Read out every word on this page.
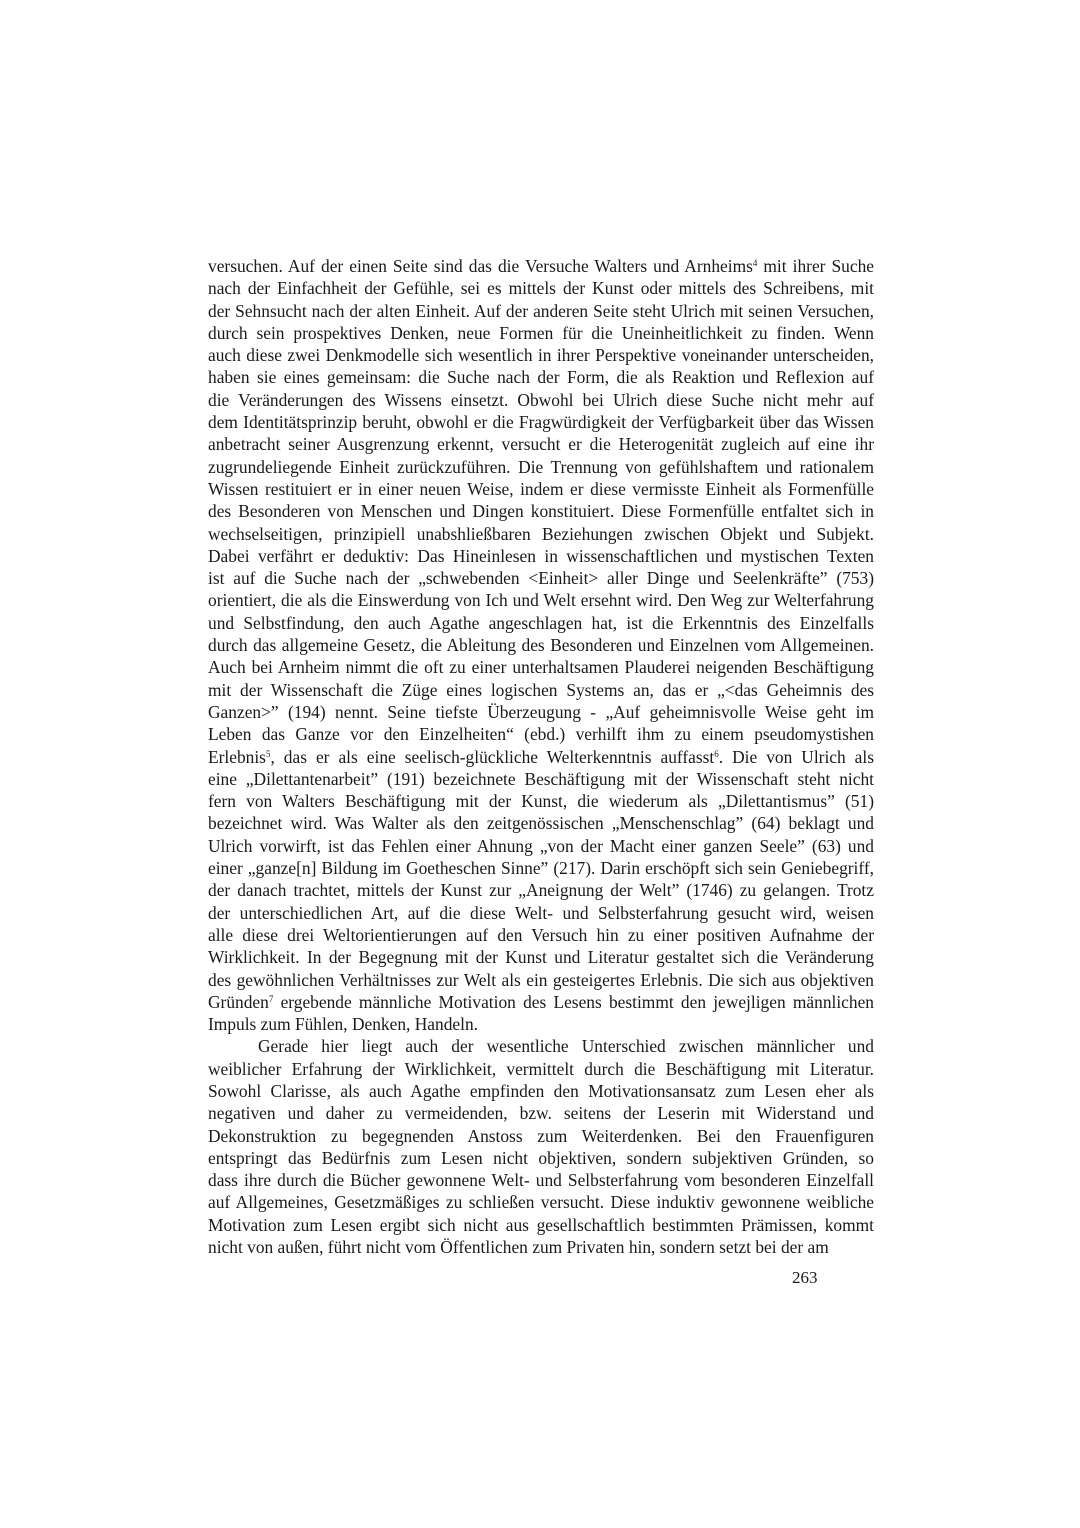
versuchen. Auf der einen Seite sind das die Versuche Walters und Arnheims$^4$ mit ihrer Suche
nach der Einfachheit der Gefühle, sei es mittels der Kunst oder mittels des Schreibens, mit
der Sehnsucht nach der alten Einheit. Auf der anderen Seite steht Ulrich mit seinen Versuchen,
durch sein prospektives Denken, neue Formen für die Uneinheitlichkeit zu finden. Wenn
auch diese zwei Denkmodelle sich wesentlich in ihrer Perspektive voneinander unterscheiden,
haben sie eines gemeinsam: die Suche nach der Form, die als Reaktion und Reflexion auf
die Veränderungen des Wissens einsetzt. Obwohl bei Ulrich diese Suche nicht mehr auf
dem Identitätsprinzip beruht, obwohl er die Fragwürdigkeit der Verfügbarkeit über das Wissen
anbetracht seiner Ausgrenzung erkennt, versucht er die Heterogenität zugleich auf eine ihr
zugrundeliegende Einheit zurückzuführen. Die Trennung von gefühlshaftem und rationalem
Wissen restituiert er in einer neuen Weise, indem er diese vermisste Einheit als Formenfülle
des Besonderen von Menschen und Dingen konstituiert. Diese Formenfülle entfaltet sich in
wechselseitigen, prinzipiell unabshließbaren Beziehungen zwischen Objekt und Subjekt.
Dabei verfährt er deduktiv: Das Hineinlesen in wissenschaftlichen und mystischen Texten
ist auf die Suche nach der „schwebenden <Einheit> aller Dinge und Seelenkräfte” (753)
orientiert, die als die Einswerdung von Ich und Welt ersehnt wird. Den Weg zur Welterfahrung
und Selbstfindung, den auch Agathe angeschlagen hat, ist die Erkenntnis des Einzelfalls
durch das allgemeine Gesetz, die Ableitung des Besonderen und Einzelnen vom Allgemeinen.
Auch bei Arnheim nimmt die oft zu einer unterhaltsamen Plauderei neigenden Beschäftigung
mit der Wissenschaft die Züge eines logischen Systems an, das er „<das Geheimnis des
Ganzen>” (194) nennt. Seine tiefste Überzeugung - „Auf geheimnisvolle Weise geht im
Leben das Ganze vor den Einzelheiten“ (ebd.) verhilft ihm zu einem pseudomystishen
Erlebnis$^5$, das er als eine seelisch-glückliche Welterkenntnis auffasst$^6$. Die von Ulrich als
eine „Dilettantenarbeit” (191) bezeichnete Beschäftigung mit der Wissenschaft steht nicht
fern von Walters Beschäftigung mit der Kunst, die wiederum als „Dilettantismus” (51)
bezeichnet wird. Was Walter als den zeitgenössischen „Menschenschlag” (64) beklagt und
Ulrich vorwirft, ist das Fehlen einer Ahnung „von der Macht einer ganzen Seele” (63) und
einer „ganze[n] Bildung im Goetheschen Sinne” (217). Darin erschöpft sich sein Geniebegriff,
der danach trachtet, mittels der Kunst zur „Aneignung der Welt” (1746) zu gelangen. Trotz
der unterschiedlichen Art, auf die diese Welt- und Selbsterfahrung gesucht wird, weisen
alle diese drei Weltorientierungen auf den Versuch hin zu einer positiven Aufnahme der
Wirklichkeit. In der Begegnung mit der Kunst und Literatur gestaltet sich die Veränderung
des gewöhnlichen Verhältnisses zur Welt als ein gesteigertes Erlebnis. Die sich aus objektiven
Gründen$^7$ ergebende männliche Motivation des Lesens bestimmt den jewejligen männlichen
Impuls zum Fühlen, Denken, Handeln.
Gerade hier liegt auch der wesentliche Unterschied zwischen männlicher und
weiblicher Erfahrung der Wirklichkeit, vermittelt durch die Beschäftigung mit Literatur.
Sowohl Clarisse, als auch Agathe empfinden den Motivationsansatz zum Lesen eher als
negativen und daher zu vermeidenden, bzw. seitens der Leserin mit Widerstand und
Dekonstruktion zu begegnenden Anstoss zum Weiterdenken. Bei den Frauenfiguren
entspringt das Bedürfnis zum Lesen nicht objektiven, sondern subjektiven Gründen, so
dass ihre durch die Bücher gewonnene Welt- und Selbsterfahrung vom besonderen Einzelfall
auf Allgemeines, Gesetzmäßiges zu schließen versucht. Diese induktiv gewonnene weibliche
Motivation zum Lesen ergibt sich nicht aus gesellschaftlich bestimmten Prämissen, kommt
nicht von außen, führt nicht vom Öffentlichen zum Privaten hin, sondern setzt bei der am
263
